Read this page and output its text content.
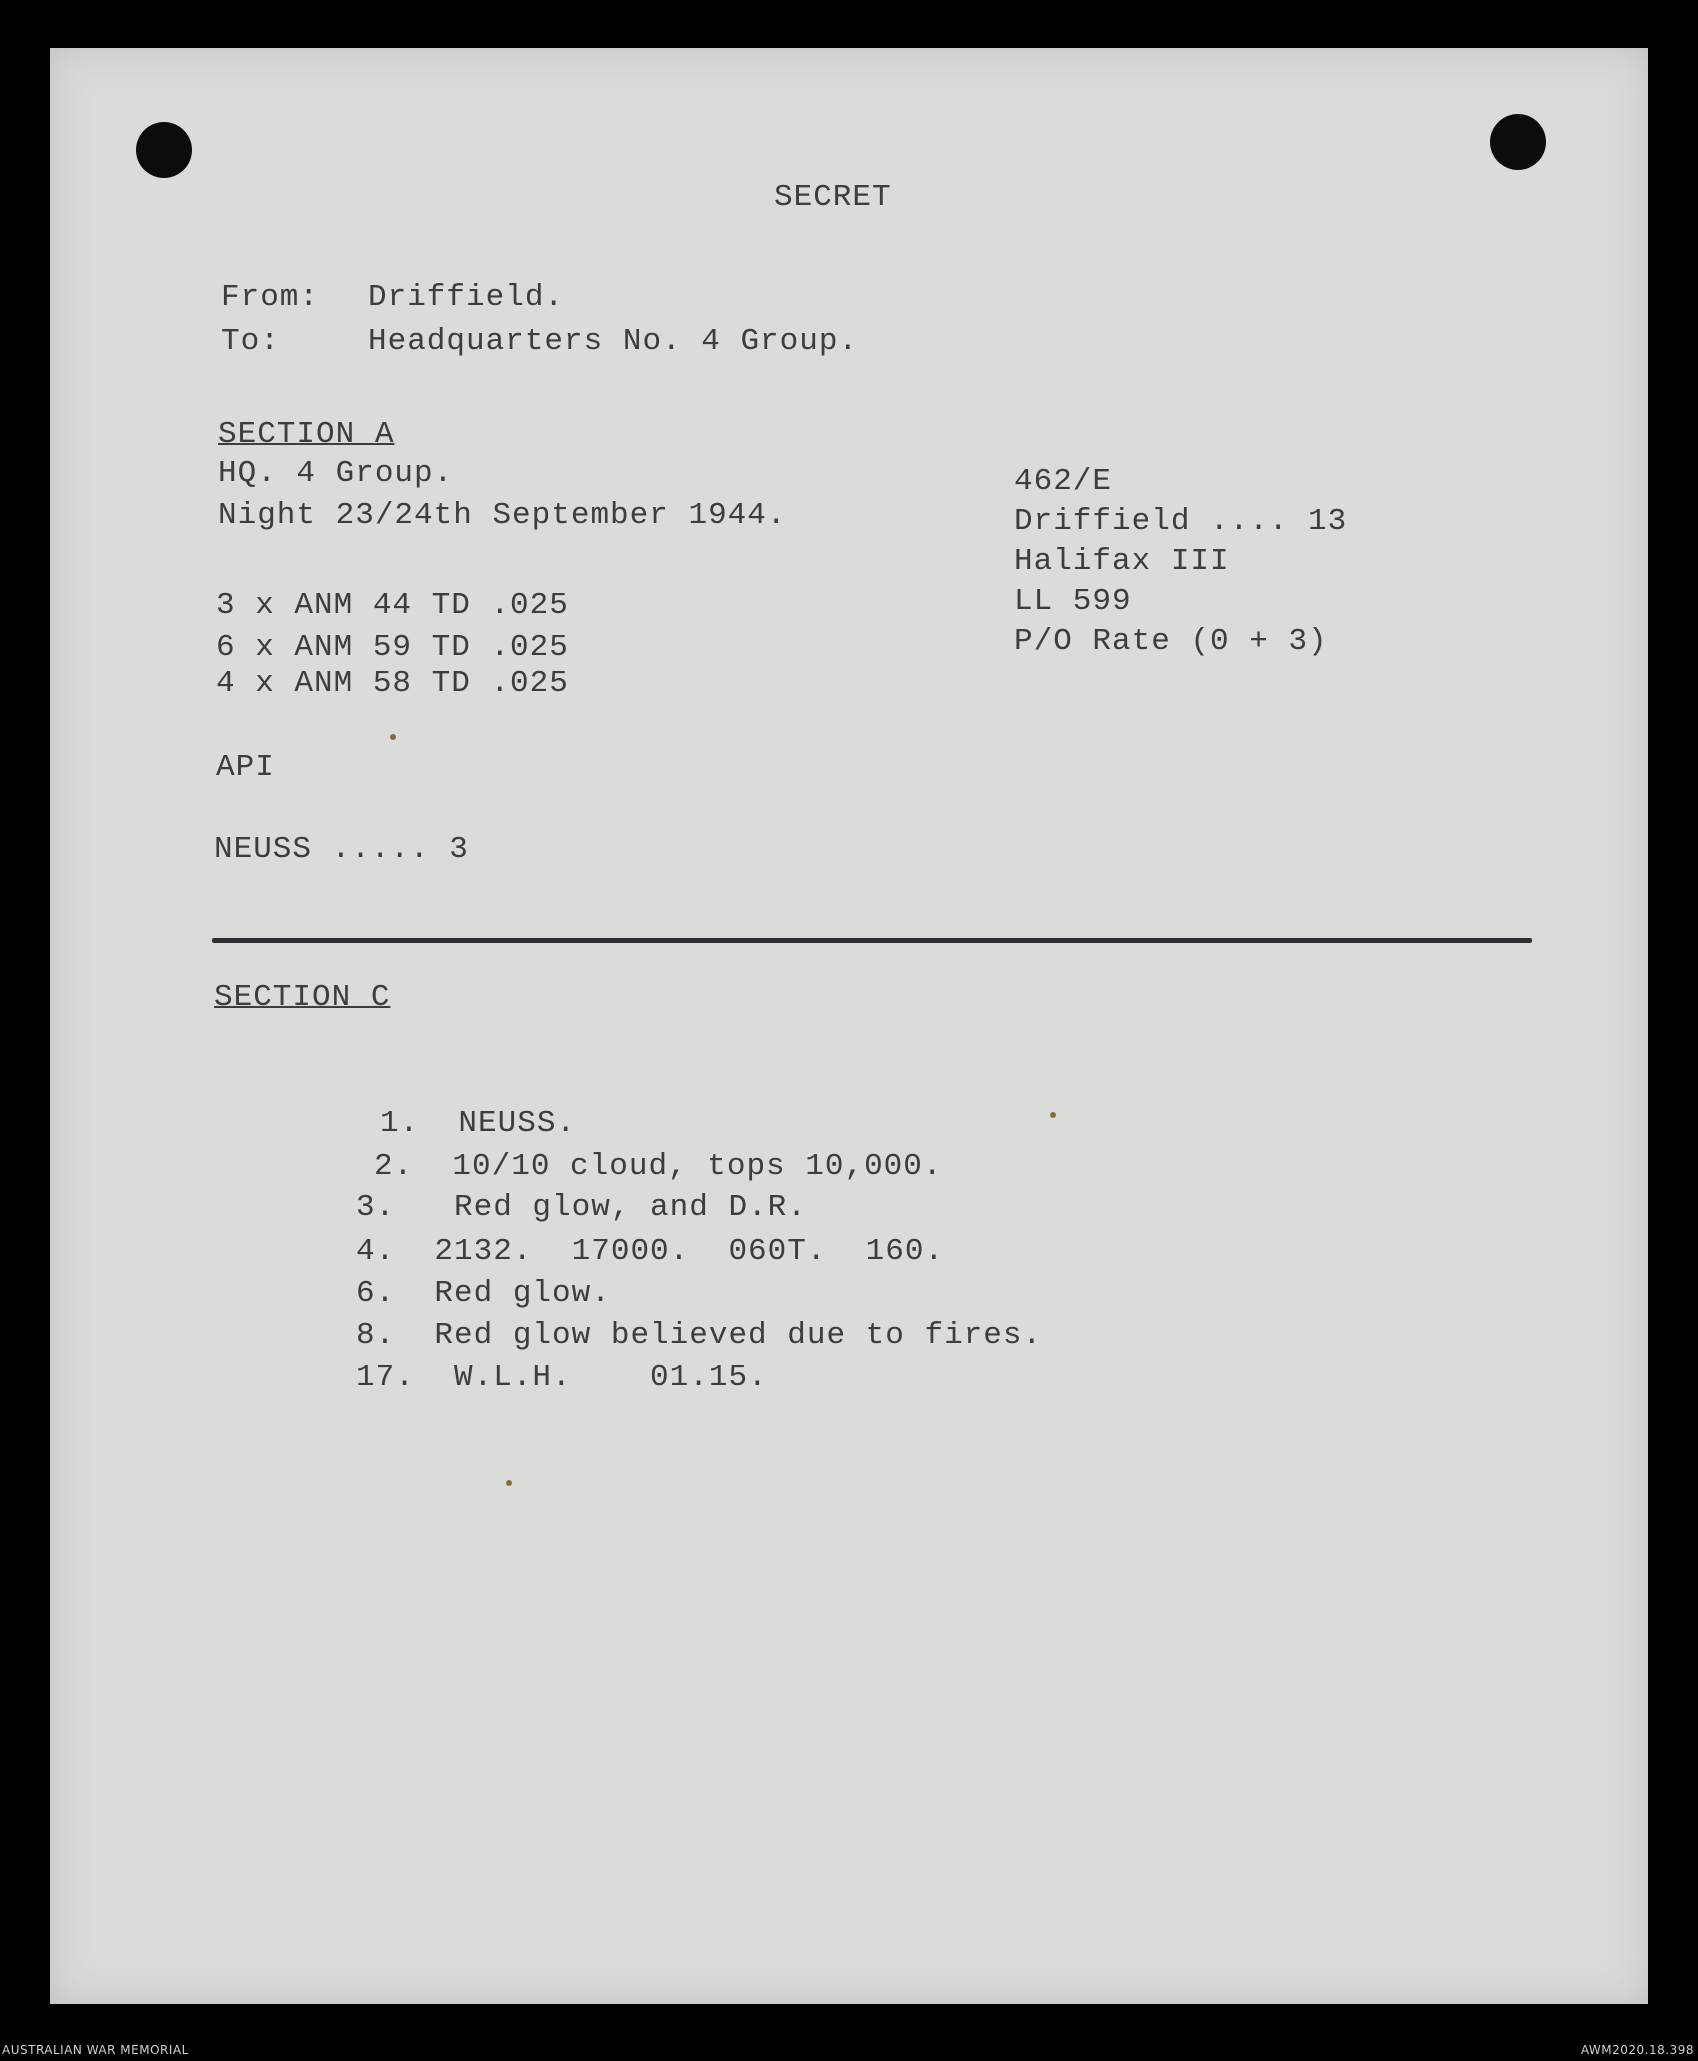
SECRET
From: Driffield.
To:	Headquarters No. 4 Group.
SECTION A
HQ. 4 Group.
Night 23/24th September 1944.
462/E
Driffield .... 13
Halifax III
LL 599
P/O Rate (0 + 3)
3 x ANM 44 TD .025
6 x ANM 59 TD .025
4 x ANM 58 TD .025
API
NEUSS ..... 3
SECTION C
1.  NEUSS.
2.  10/10 cloud, tops 10,000.
3.   Red glow, and D.R.
4.  2132.  17000.  060T.  160.
6.  Red glow.
8.  Red glow believed due to fires.
17.  W.L.H.    01.15.
AUSTRALIAN WAR MEMORIAL	AWM2020.18.398
